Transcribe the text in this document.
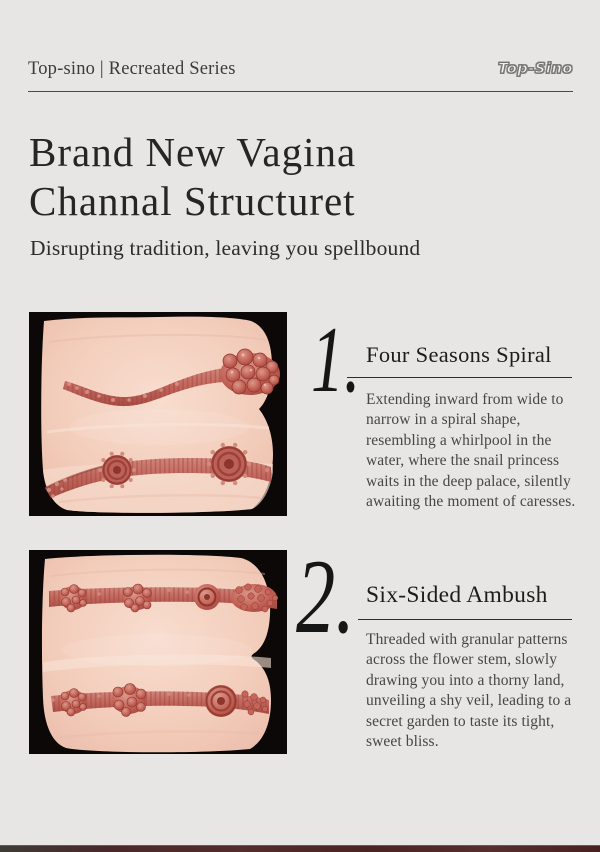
Top-sino | Recreated Series	Top-Sino
Brand New Vagina
Channal Structuret
Disrupting tradition, leaving you spellbound
1. Four Seasons Spiral
Extending inward from wide to narrow in a spiral shape, resembling a whirlpool in the water, where the snail princess waits in the deep palace, silently awaiting the moment of caresses.
2. Six-Sided Ambush
Threaded with granular patterns across the flower stem, slowly drawing you into a thorny land, unveiling a shy veil, leading to a secret garden to taste its tight, sweet bliss.
